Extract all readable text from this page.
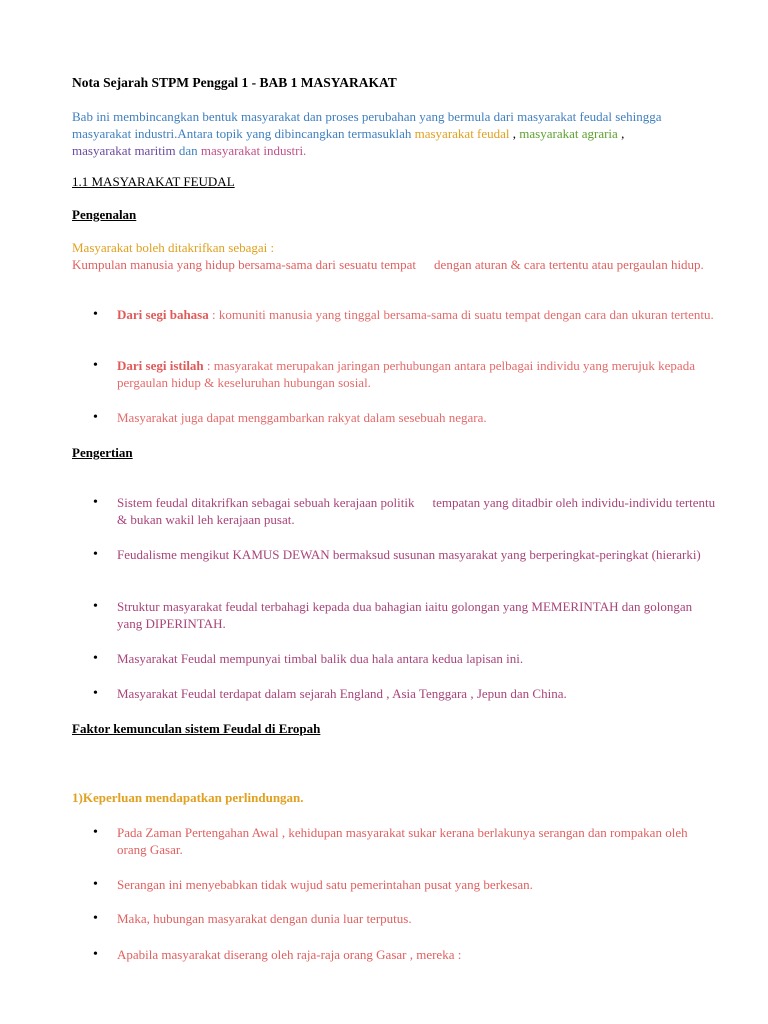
Nota Sejarah STPM Penggal 1 - BAB 1 MASYARAKAT
Bab ini membincangkan bentuk masyarakat dan proses perubahan yang bermula dari masyarakat feudal sehingga masyarakat industri.Antara topik yang dibincangkan termasuklah masyarakat feudal , masyarakat agraria ,
masyarakat maritim dan masyarakat industri.
1.1 MASYARAKAT FEUDAL
Pengenalan
Masyarakat boleh ditakrifkan sebagai :
Kumpulan manusia yang hidup bersama-sama dari sesuatu tempat dengan aturan & cara tertentu atau pergaulan hidup.
• Dari segi bahasa : komuniti manusia yang tinggal bersama-sama di suatu tempat dengan cara dan ukuran tertentu.
• Dari segi istilah : masyarakat merupakan jaringan perhubungan antara pelbagai individu yang merujuk kepada pergaulan hidup & keseluruhan hubungan sosial.
• Masyarakat juga dapat menggambarkan rakyat dalam sesebuah negara.
Pengertian
• Sistem feudal ditakrifkan sebagai sebuah kerajaan politik tempatan yang ditadbir oleh individu-individu tertentu & bukan wakil leh kerajaan pusat.
• Feudalisme mengikut KAMUS DEWAN bermaksud susunan masyarakat yang berperingkat-peringkat (hierarki)
• Struktur masyarakat feudal terbahagi kepada dua bahagian iaitu golongan yang MEMERINTAH dan golongan yang DIPERINTAH.
• Masyarakat Feudal mempunyai timbal balik dua hala antara kedua lapisan ini.
• Masyarakat Feudal terdapat dalam sejarah England , Asia Tenggara , Jepun dan China.
Faktor kemunculan sistem Feudal di Eropah
1)Keperluan mendapatkan perlindungan.
• Pada Zaman Pertengahan Awal , kehidupan masyarakat sukar kerana berlakunya serangan dan rompakan oleh orang Gasar.
• Serangan ini menyebabkan tidak wujud satu pemerintahan pusat yang berkesan.
• Maka, hubungan masyarakat dengan dunia luar terputus.
• Apabila masyarakat diserang oleh raja-raja orang Gasar , mereka :
